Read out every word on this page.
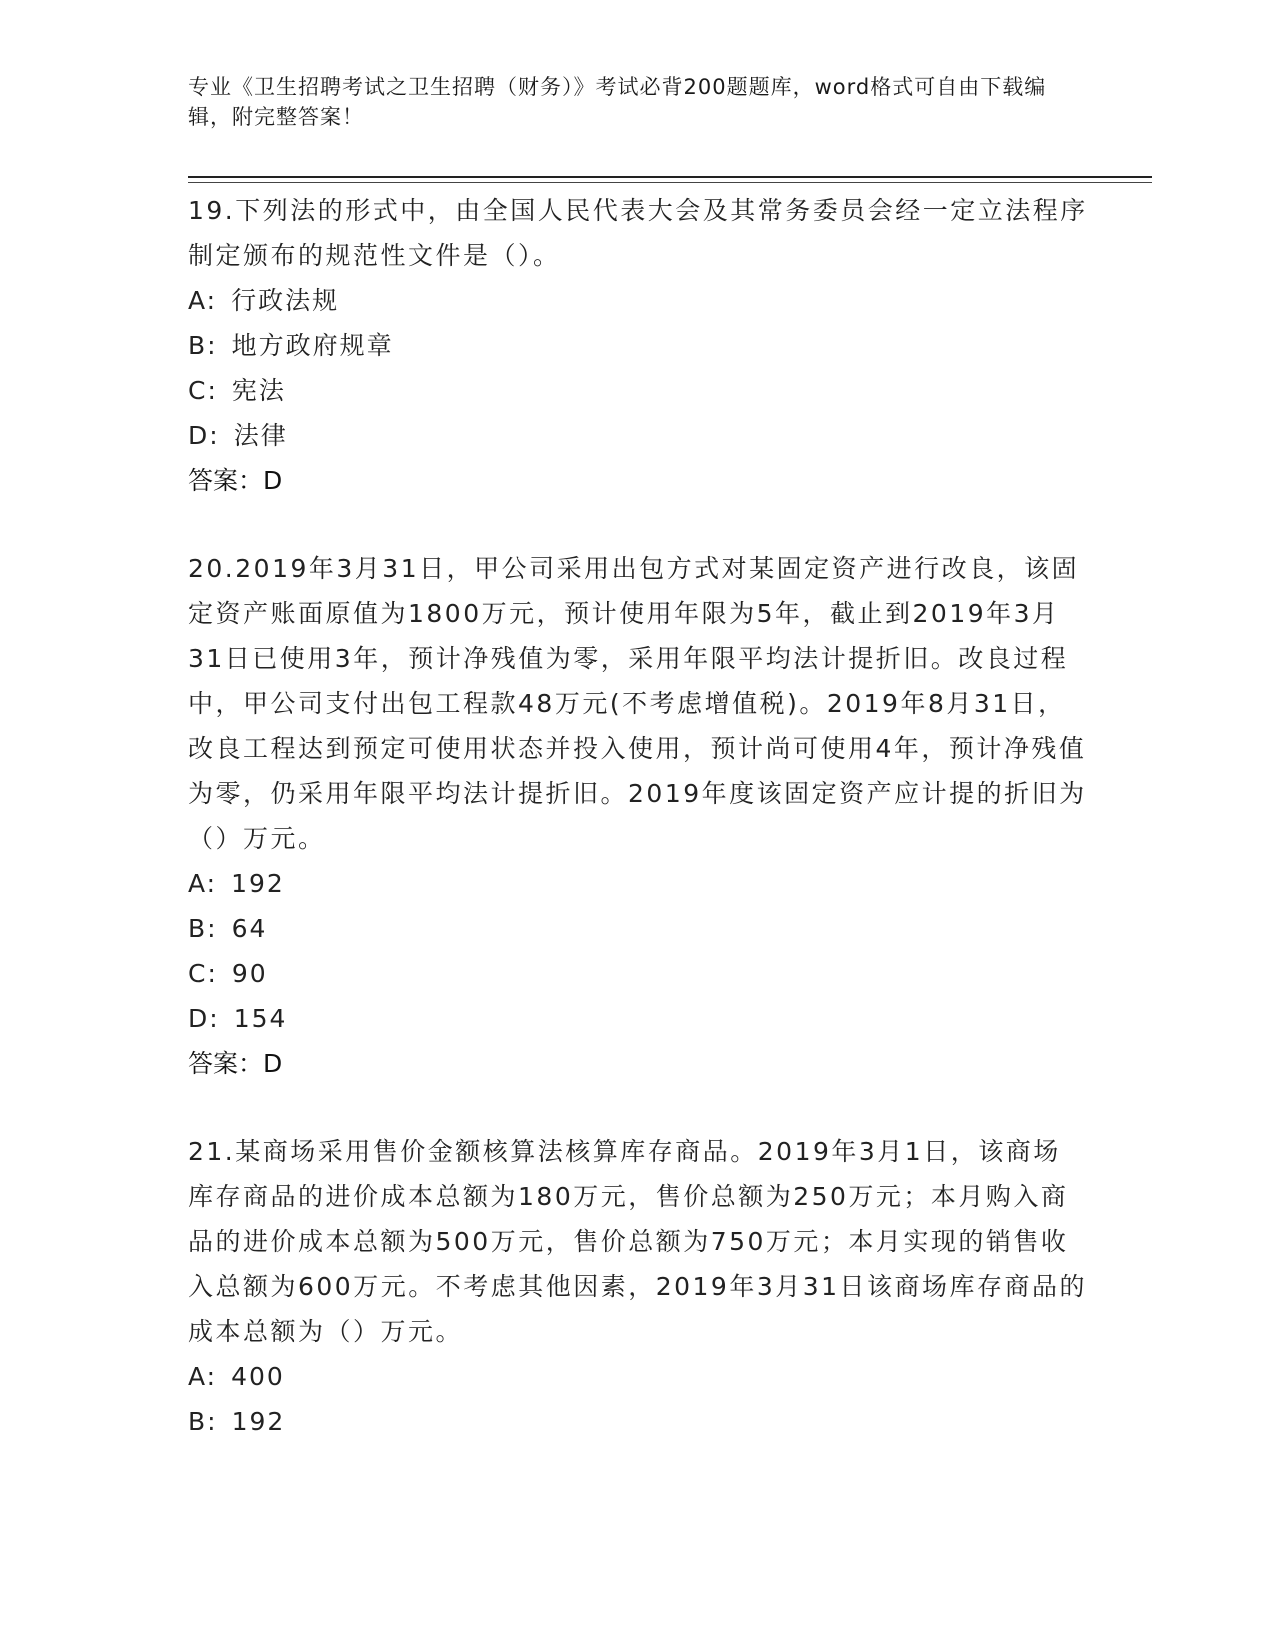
专业《卫生招聘考试之卫生招聘（财务）》考试必背200题题库，word格式可自由下载编辑，附完整答案！

19.下列法的形式中，由全国人民代表大会及其常务委员会经一定立法程序制定颁布的规范性文件是（）。

A: 行政法规

B: 地方政府规章

C: 宪法

D: 法律

答案：D

20.2019年3月31日，甲公司采用出包方式对某固定资产进行改良，该固定资产账面原值为1800万元，预计使用年限为5年，截止到2019年3月31日已使用3年，预计净残值为零，采用年限平均法计提折旧。改良过程中，甲公司支付出包工程款48万元(不考虑增值税)。2019年8月31日，改良工程达到预定可使用状态并投入使用，预计尚可使用4年，预计净残值为零，仍采用年限平均法计提折旧。2019年度该固定资产应计提的折旧为（）万元。

A: 192

B: 64

C: 90

D: 154

答案：D

21.某商场采用售价金额核算法核算库存商品。2019年3月1日，该商场库存商品的进价成本总额为180万元，售价总额为250万元；本月购入商品的进价成本总额为500万元，售价总额为750万元；本月实现的销售收入总额为600万元。不考虑其他因素，2019年3月31日该商场库存商品的成本总额为（）万元。

A: 400

B: 192
